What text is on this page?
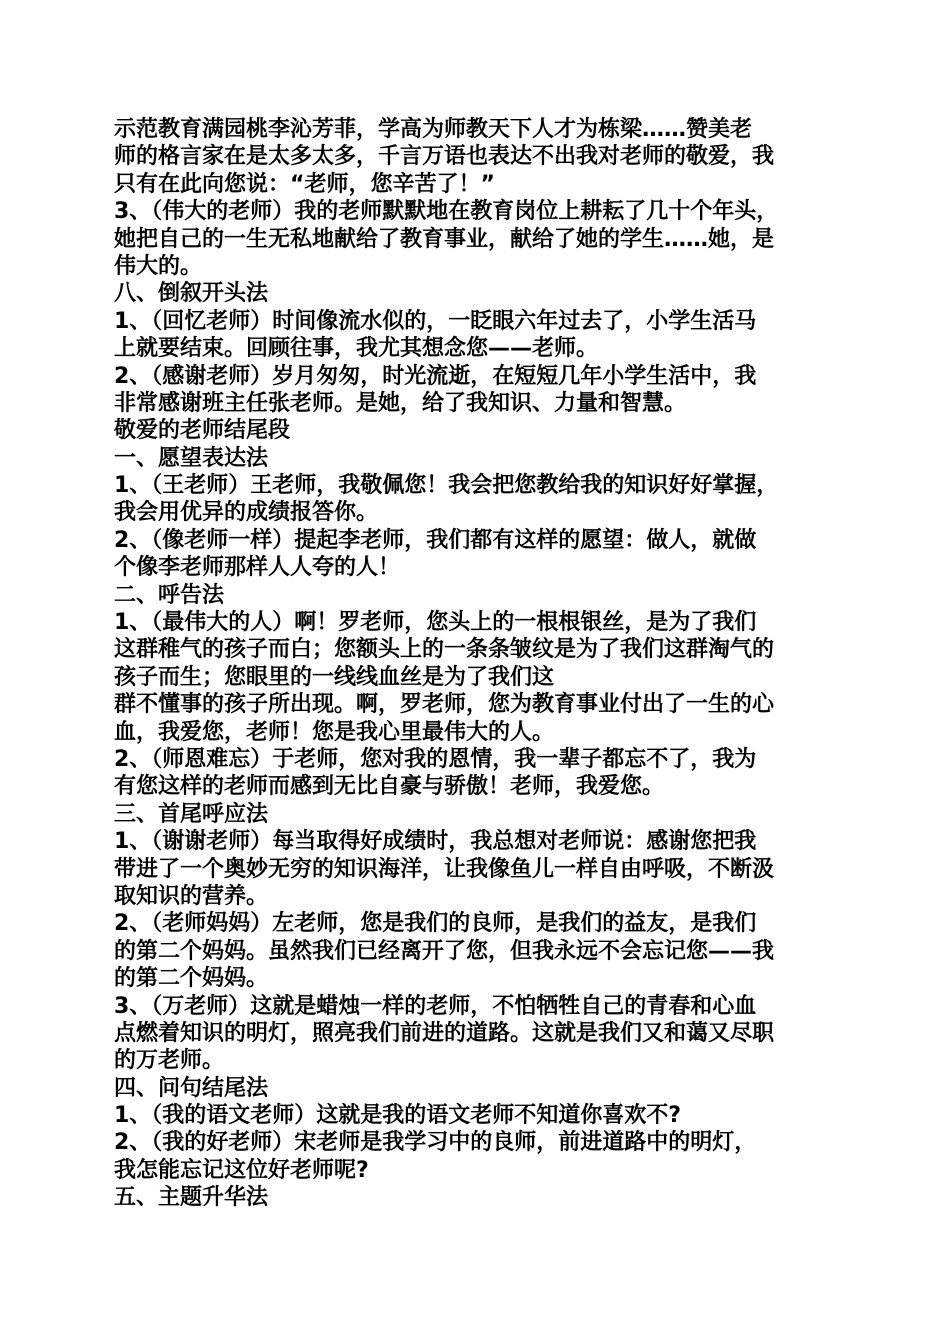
示范教育满园桃李沁芳菲，学高为师教天下人才为栋梁……赞美老
师的格言家在是太多太多，千言万语也表达不出我对老师的敬爱，我
只有在此向您说：“老师，您辛苦了！”
3、（伟大的老师）我的老师默默地在教育岗位上耕耘了几十个年头，
她把自己的一生无私地献给了教育事业，献给了她的学生……她，是
伟大的。
八、倒叙开头法
1、（回忆老师）时间像流水似的，一眨眼六年过去了，小学生活马
上就要结束。回顾往事，我尤其想念您——老师。
2、（感谢老师）岁月匆匆，时光流逝，在短短几年小学生活中，我
非常感谢班主任张老师。是她，给了我知识、力量和智慧。
敬爱的老师结尾段
一、愿望表达法
1、（王老师）王老师，我敬佩您！我会把您教给我的知识好好掌握，
我会用优异的成绩报答你。
2、（像老师一样）提起李老师，我们都有这样的愿望：做人，就做
个像李老师那样人人夸的人！
二、呼告法
1、（最伟大的人）啊！罗老师，您头上的一根根银丝，是为了我们
这群稚气的孩子而白；您额头上的一条条皱纹是为了我们这群淘气的
孩子而生；您眼里的一线线血丝是为了我们这
群不懂事的孩子所出现。啊，罗老师，您为教育事业付出了一生的心
血，我爱您，老师！您是我心里最伟大的人。
2、（师恩难忘）于老师，您对我的恩情，我一辈子都忘不了，我为
有您这样的老师而感到无比自豪与骄傲！老师，我爱您。
三、首尾呼应法
1、（谢谢老师）每当取得好成绩时，我总想对老师说：感谢您把我
带进了一个奥妙无穷的知识海洋，让我像鱼儿一样自由呼吸，不断汲
取知识的营养。
2、（老师妈妈）左老师，您是我们的良师，是我们的益友，是我们
的第二个妈妈。虽然我们已经离开了您，但我永远不会忘记您——我
的第二个妈妈。
3、（万老师）这就是蜡烛一样的老师，不怕牺牲自己的青春和心血
点燃着知识的明灯，照亮我们前进的道路。这就是我们又和蔼又尽职
的万老师。
四、问句结尾法
1、（我的语文老师）这就是我的语文老师不知道你喜欢不?
2、（我的好老师）宋老师是我学习中的良师，前进道路中的明灯，
我怎能忘记这位好老师呢?
五、主题升华法
